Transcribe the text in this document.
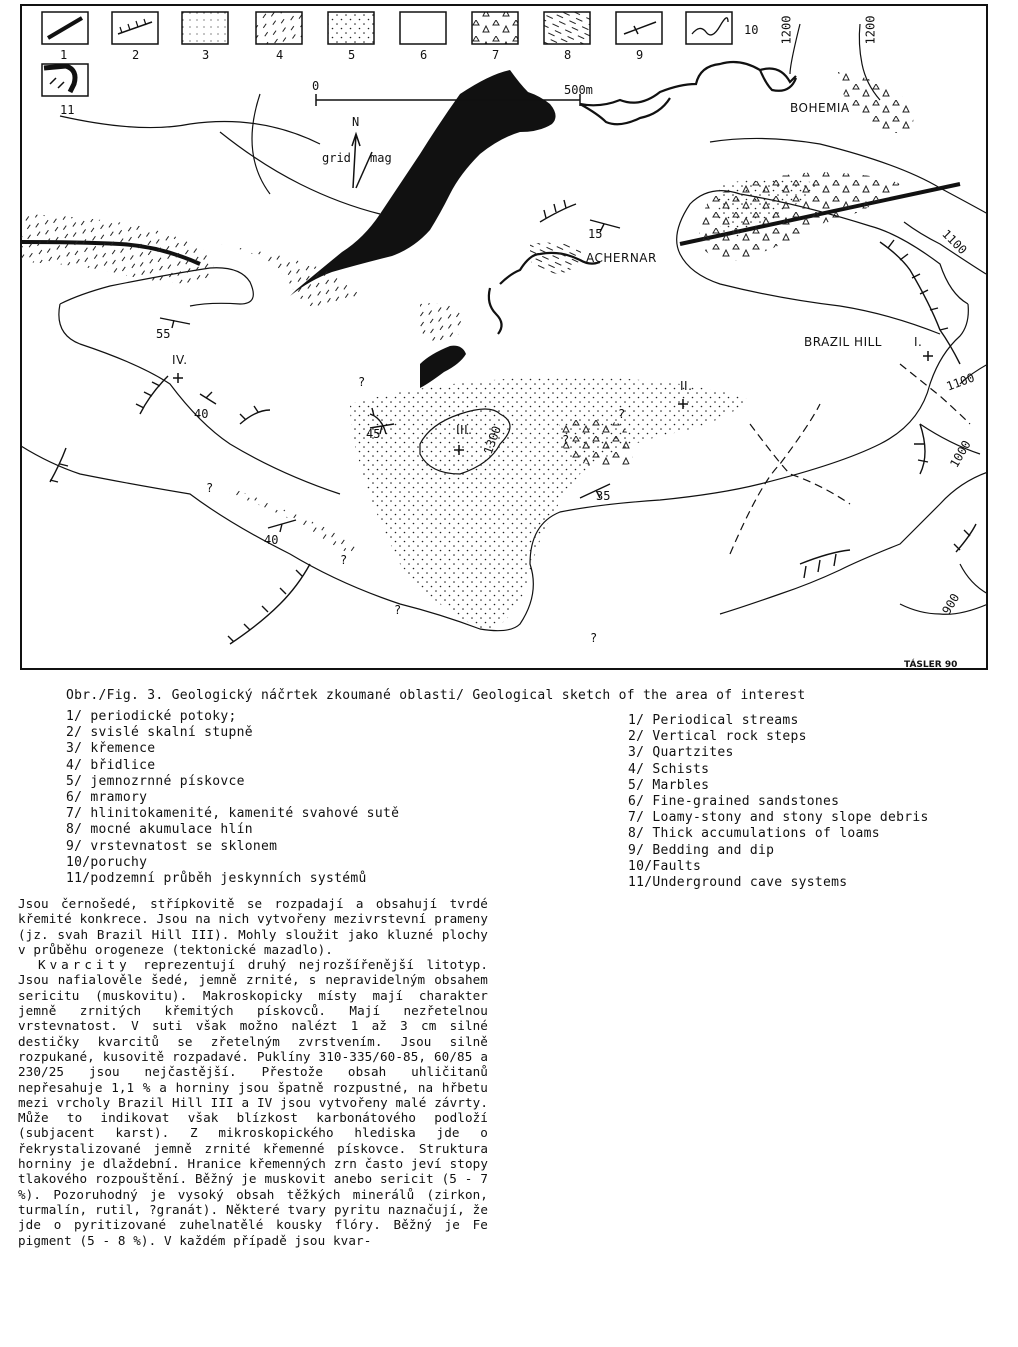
1	2	3	4	5	6	7	8	9
10
11	BOHEMIA
ACHERNAR
BRAZIL HILL	I.
II.
III.
IV.
0	500m
N
grid mag
900
1000
1100
1100
1200	1200
1300
15
55
40
45
35
40
?
?
?
?
?
?
?
TÁSLER 90
Obr./Fig. 3. Geologický náčrtek zkoumané oblasti/ Geological sketch of the area of interest
1/ periodické potoky;
2/ svislé skalní stupně
3/ křemence
4/ břidlice
5/ jemnozrnné pískovce
6/ mramory
7/ hlinitokamenité, kamenité svahové sutě
8/ mocné akumulace hlín
9/ vrstevnatost se sklonem
10/poruchy
11/podzemní průběh jeskynních systémů
1/ Periodical streams
2/ Vertical rock steps
3/ Quartzites
4/ Schists
5/ Marbles
6/ Fine-grained sandstones
7/ Loamy-stony and stony slope debris
8/ Thick accumulations of loams
9/ Bedding and dip
10/Faults
11/Underground cave systems

Jsou černošedé, střípkovitě se rozpadají a obsahují tvrdé křemité konkrece. Jsou na nich vytvořeny mezivrstevní prameny (jz. svah Brazil Hill III). Mohly sloužit jako kluzné plochy v průběhu orogeneze (tektonické mazadlo).

Kvarcity reprezentují druhý nejrozšířenější litotyp. Jsou nafialověle šedé, jemně zrnité, s nepravidelným obsahem sericitu (muskovitu). Makroskopicky místy mají charakter jemně zrnitých křemitých pískovců. Mají nezřetelnou vrstevnatost. V suti však možno nalézt 1 až 3 cm silné destičky kvarcitů se zřetelným zvrstvením. Jsou silně rozpukané, kusovitě rozpadavé. Puklíny 310-335/60-85, 60/85 a 230/25 jsou nejčastější. Přestože obsah uhličitanů nepřesahuje 1,1 % a horniny jsou špatně rozpustné, na hřbetu mezi vrcholy Brazil Hill III a IV jsou vytvořeny malé závrty. Může to indikovat však blízkost karbonátového podloží (subjacent karst). Z mikroskopického hlediska jde o řekrystalizované jemně zrnité křemenné pískovce. Struktura horniny je dlaždební. Hranice křemenných zrn často jeví stopy tlakového rozpouštění. Běžný je muskovit anebo sericit (5 - 7 %). Pozoruhodný je vysoký obsah těžkých minerálů (zirkon, turmalín, rutil, ?granát). Některé tvary pyritu naznačují, že jde o pyritizované zuhelnatělé kousky flóry. Běžný je Fe pigment (5 - 8 %). V každém případě jsou kvar-
